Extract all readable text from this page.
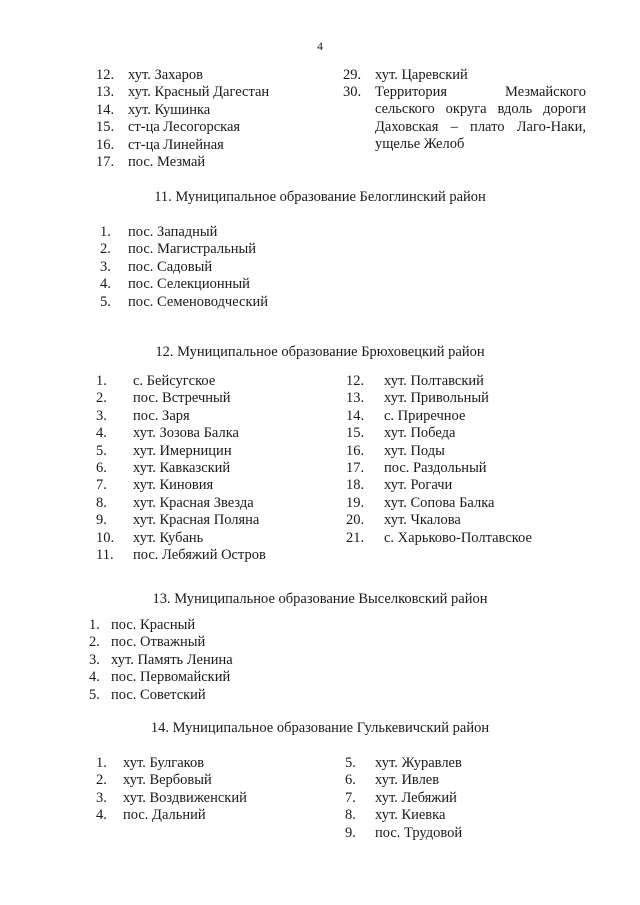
4
12. хут. Захаров
13. хут. Красный Дагестан
14. хут. Кушинка
15. ст-ца Лесогорская
16. ст-ца Линейная
17. пос. Мезмай
29. хут. Царевский
30. Территория Мезмайского
сельского округа вдоль дороги
Даховская – плато Лаго-Наки,
ущелье Желоб
11. Муниципальное образование Белоглинский район
1.	пос. Западный
2.	пос. Магистральный
3.	пос. Садовый
4.	пос. Селекционный
5.	пос. Семеноводческий
12. Муниципальное образование Брюховецкий район
1.	с. Бейсугское
2.	пос. Встречный
3.	пос. Заря
4.	хут. Зозова Балка
5.	хут. Имерницин
6.	хут. Кавказский
7.	хут. Киновия
8.	хут. Красная Звезда
9.	хут. Красная Поляна
10.	хут. Кубань
11.	пос. Лебяжий Остров
12.	хут. Полтавский
13.	хут. Привольный
14.	с. Приречное
15.	хут. Победа
16.	хут. Поды
17.	пос. Раздольный
18.	хут. Рогачи
19.	хут. Сопова Балка
20.	хут. Чкалова
21.	с. Харьково-Полтавское
13. Муниципальное образование Выселковский район
1. пос. Красный
2. пос. Отважный
3. хут. Память Ленина
4. пос. Первомайский
5. пос. Советский
14. Муниципальное образование Гулькевичский район
1.	хут. Булгаков
2.	хут. Вербовый
3.	хут. Воздвиженский
4.	пос. Дальний
5.	хут. Журавлев
6.	хут. Ивлев
7.	хут. Лебяжий
8.	хут. Киевка
9.	пос. Трудовой
